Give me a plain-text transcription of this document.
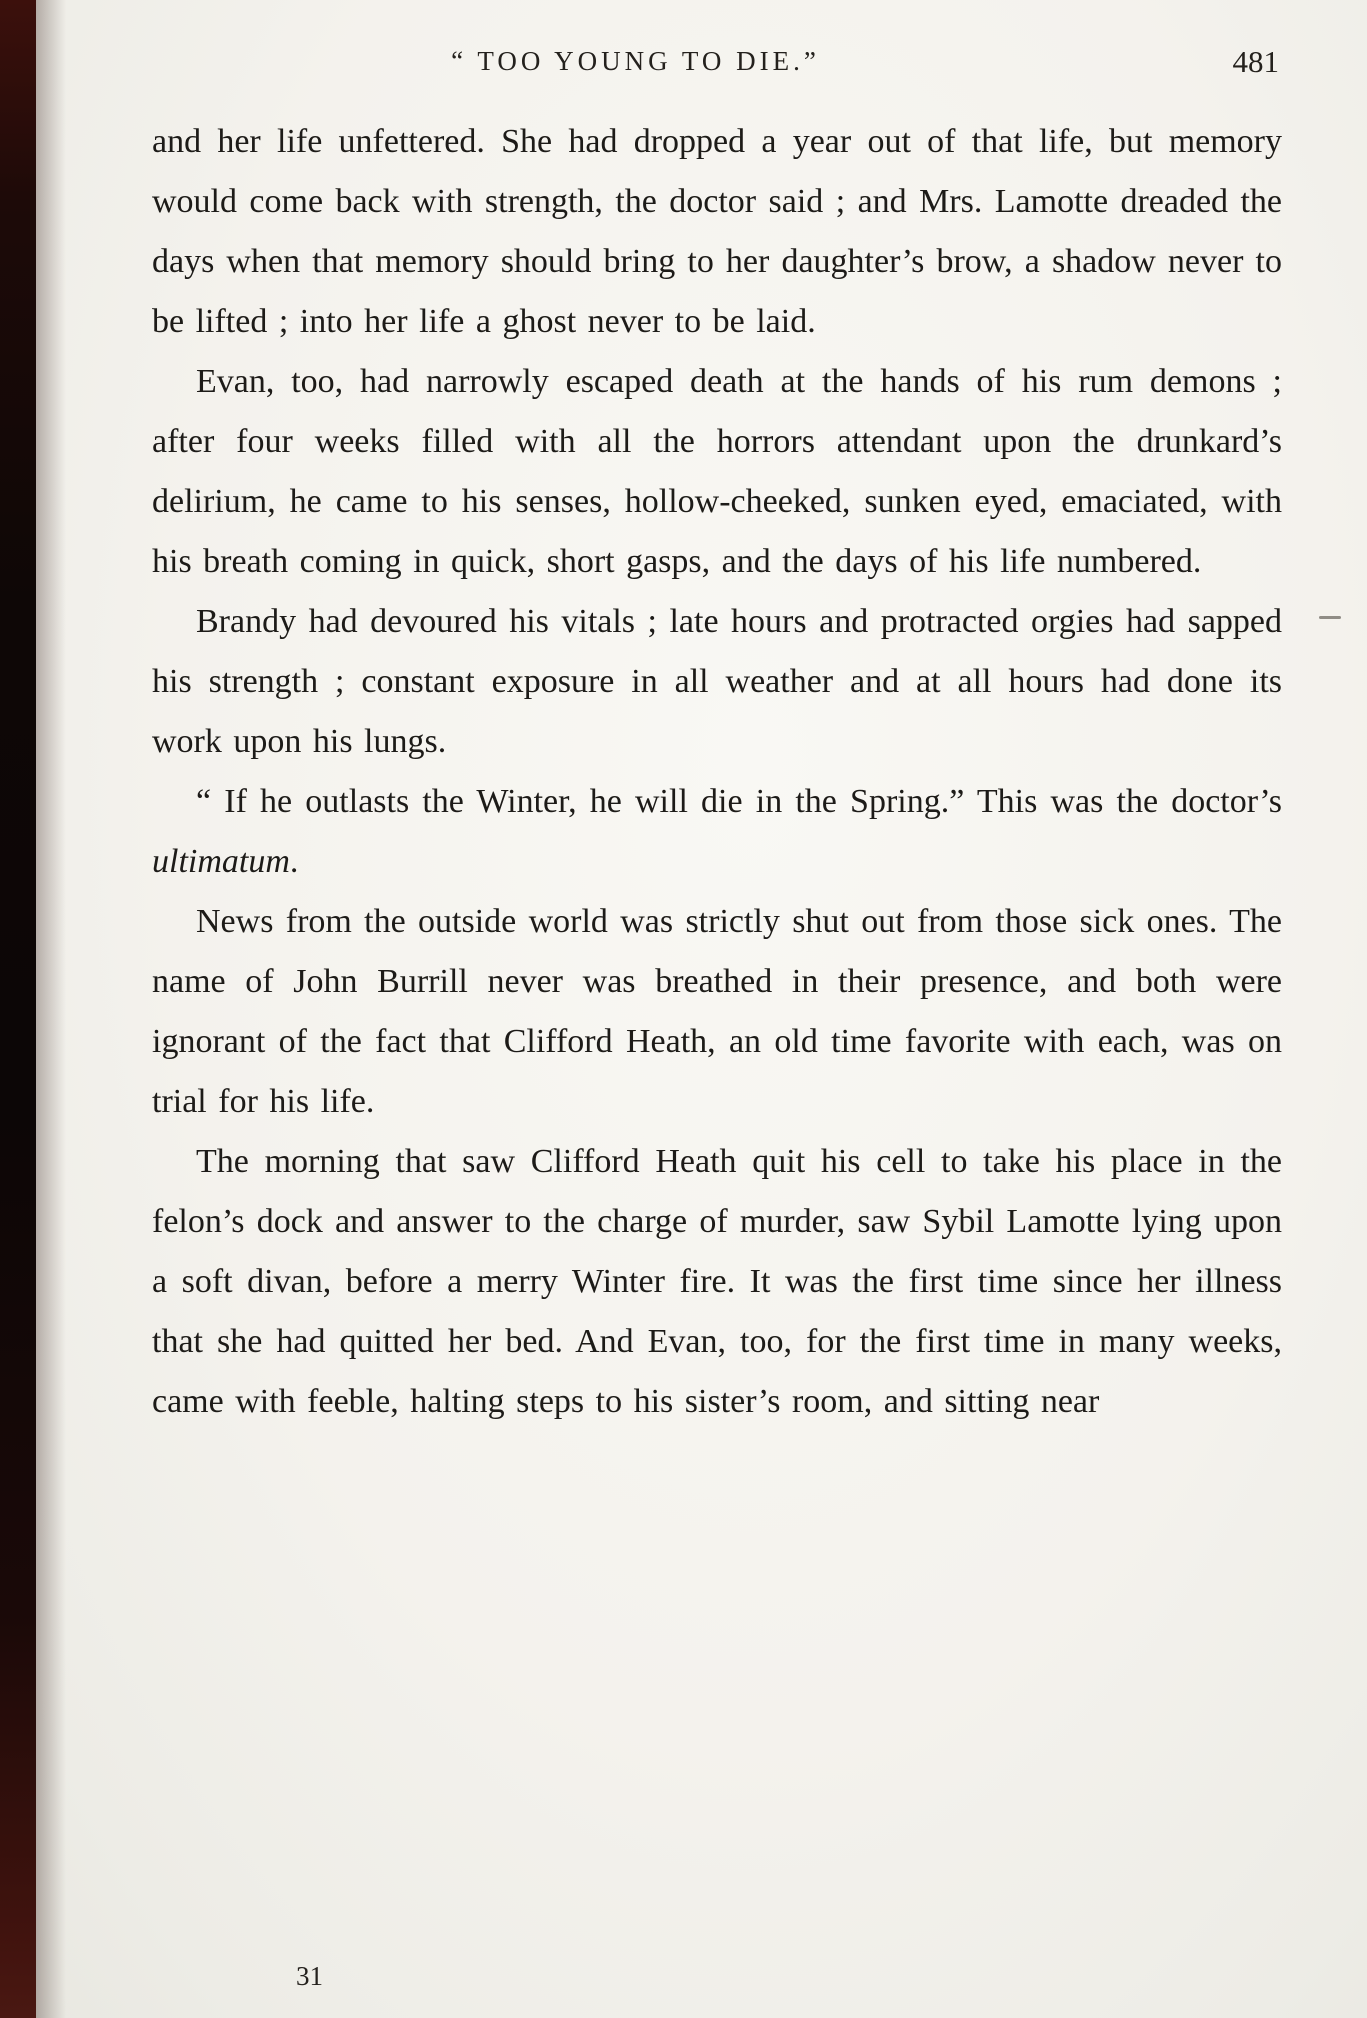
“ TOO YOUNG TO DIE.”	481

and her life unfettered. She had dropped a year out of that life, but memory would come back with strength, the doctor said ; and Mrs. Lamotte dreaded the days when that memory should bring to her daughter’s brow, a shadow never to be lifted ; into her life a ghost never to be laid.

Evan, too, had narrowly escaped death at the hands of his rum demons ; after four weeks filled with all the horrors attendant upon the drunkard’s delirium, he came to his senses, hollow-cheeked, sunken eyed, emaciated, with his breath coming in quick, short gasps, and the days of his life numbered.

Brandy had devoured his vitals ; late hours and protracted orgies had sapped his strength ; constant exposure in all weather and at all hours had done its work upon his lungs.

“ If he outlasts the Winter, he will die in the Spring.” This was the doctor’s ultimatum.

News from the outside world was strictly shut out from those sick ones. The name of John Burrill never was breathed in their presence, and both were ignorant of the fact that Clifford Heath, an old time favorite with each, was on trial for his life.

The morning that saw Clifford Heath quit his cell to take his place in the felon’s dock and answer to the charge of murder, saw Sybil Lamotte lying upon a soft divan, before a merry Winter fire. It was the first time since her illness that she had quitted her bed. And Evan, too, for the first time in many weeks, came with feeble, halting steps to his sister’s room, and sitting near

31
